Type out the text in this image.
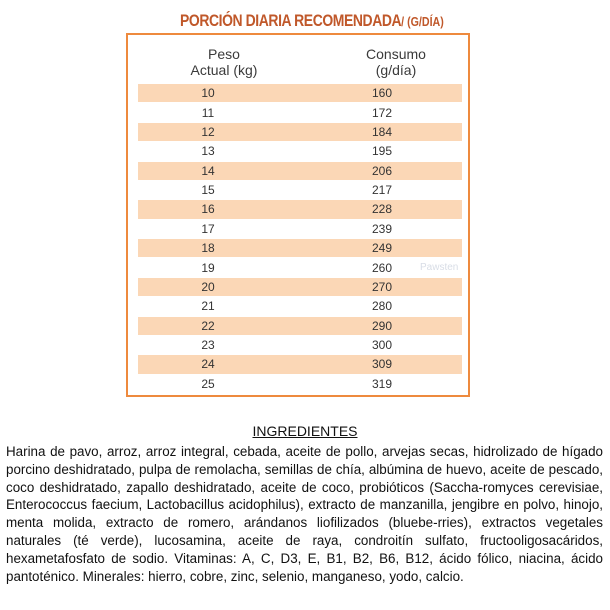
PORCIÓN DIARIA RECOMENDADA/ (G/DÍA)
Peso
Actual (kg)
Consumo
(g/día)
10	160
11	172
12	184
13	195
14	206
15	217
16	228
17	239
18	249
19	260
20	270
21	280
22	290
23	300
24	309
25	319
Pawsten
INGREDIENTES
Harina de pavo, arroz, arroz integral, cebada, aceite de pollo, arvejas secas, hidrolizado de hígado porcino deshidratado, pulpa de remolacha, semillas de chía, albúmina de huevo, aceite de pescado, coco deshidratado, zapallo deshidratado, aceite de coco, probióticos (Saccha-romyces cerevisiae, Enterococcus faecium, Lactobacillus acidophilus), extracto de manzanilla, jengibre en polvo, hinojo, menta molida, extracto de romero, arándanos liofilizados (bluebe-rries), extractos vegetales naturales (té verde), lucosamina, aceite de raya, condroitín sulfato, fructooligosacáridos, hexametafosfato de sodio. Vitaminas: A, C, D3, E, B1, B2, B6, B12, ácido fólico, niacina, ácido pantoténico. Minerales: hierro, cobre, zinc, selenio, manganeso, yodo, calcio.
